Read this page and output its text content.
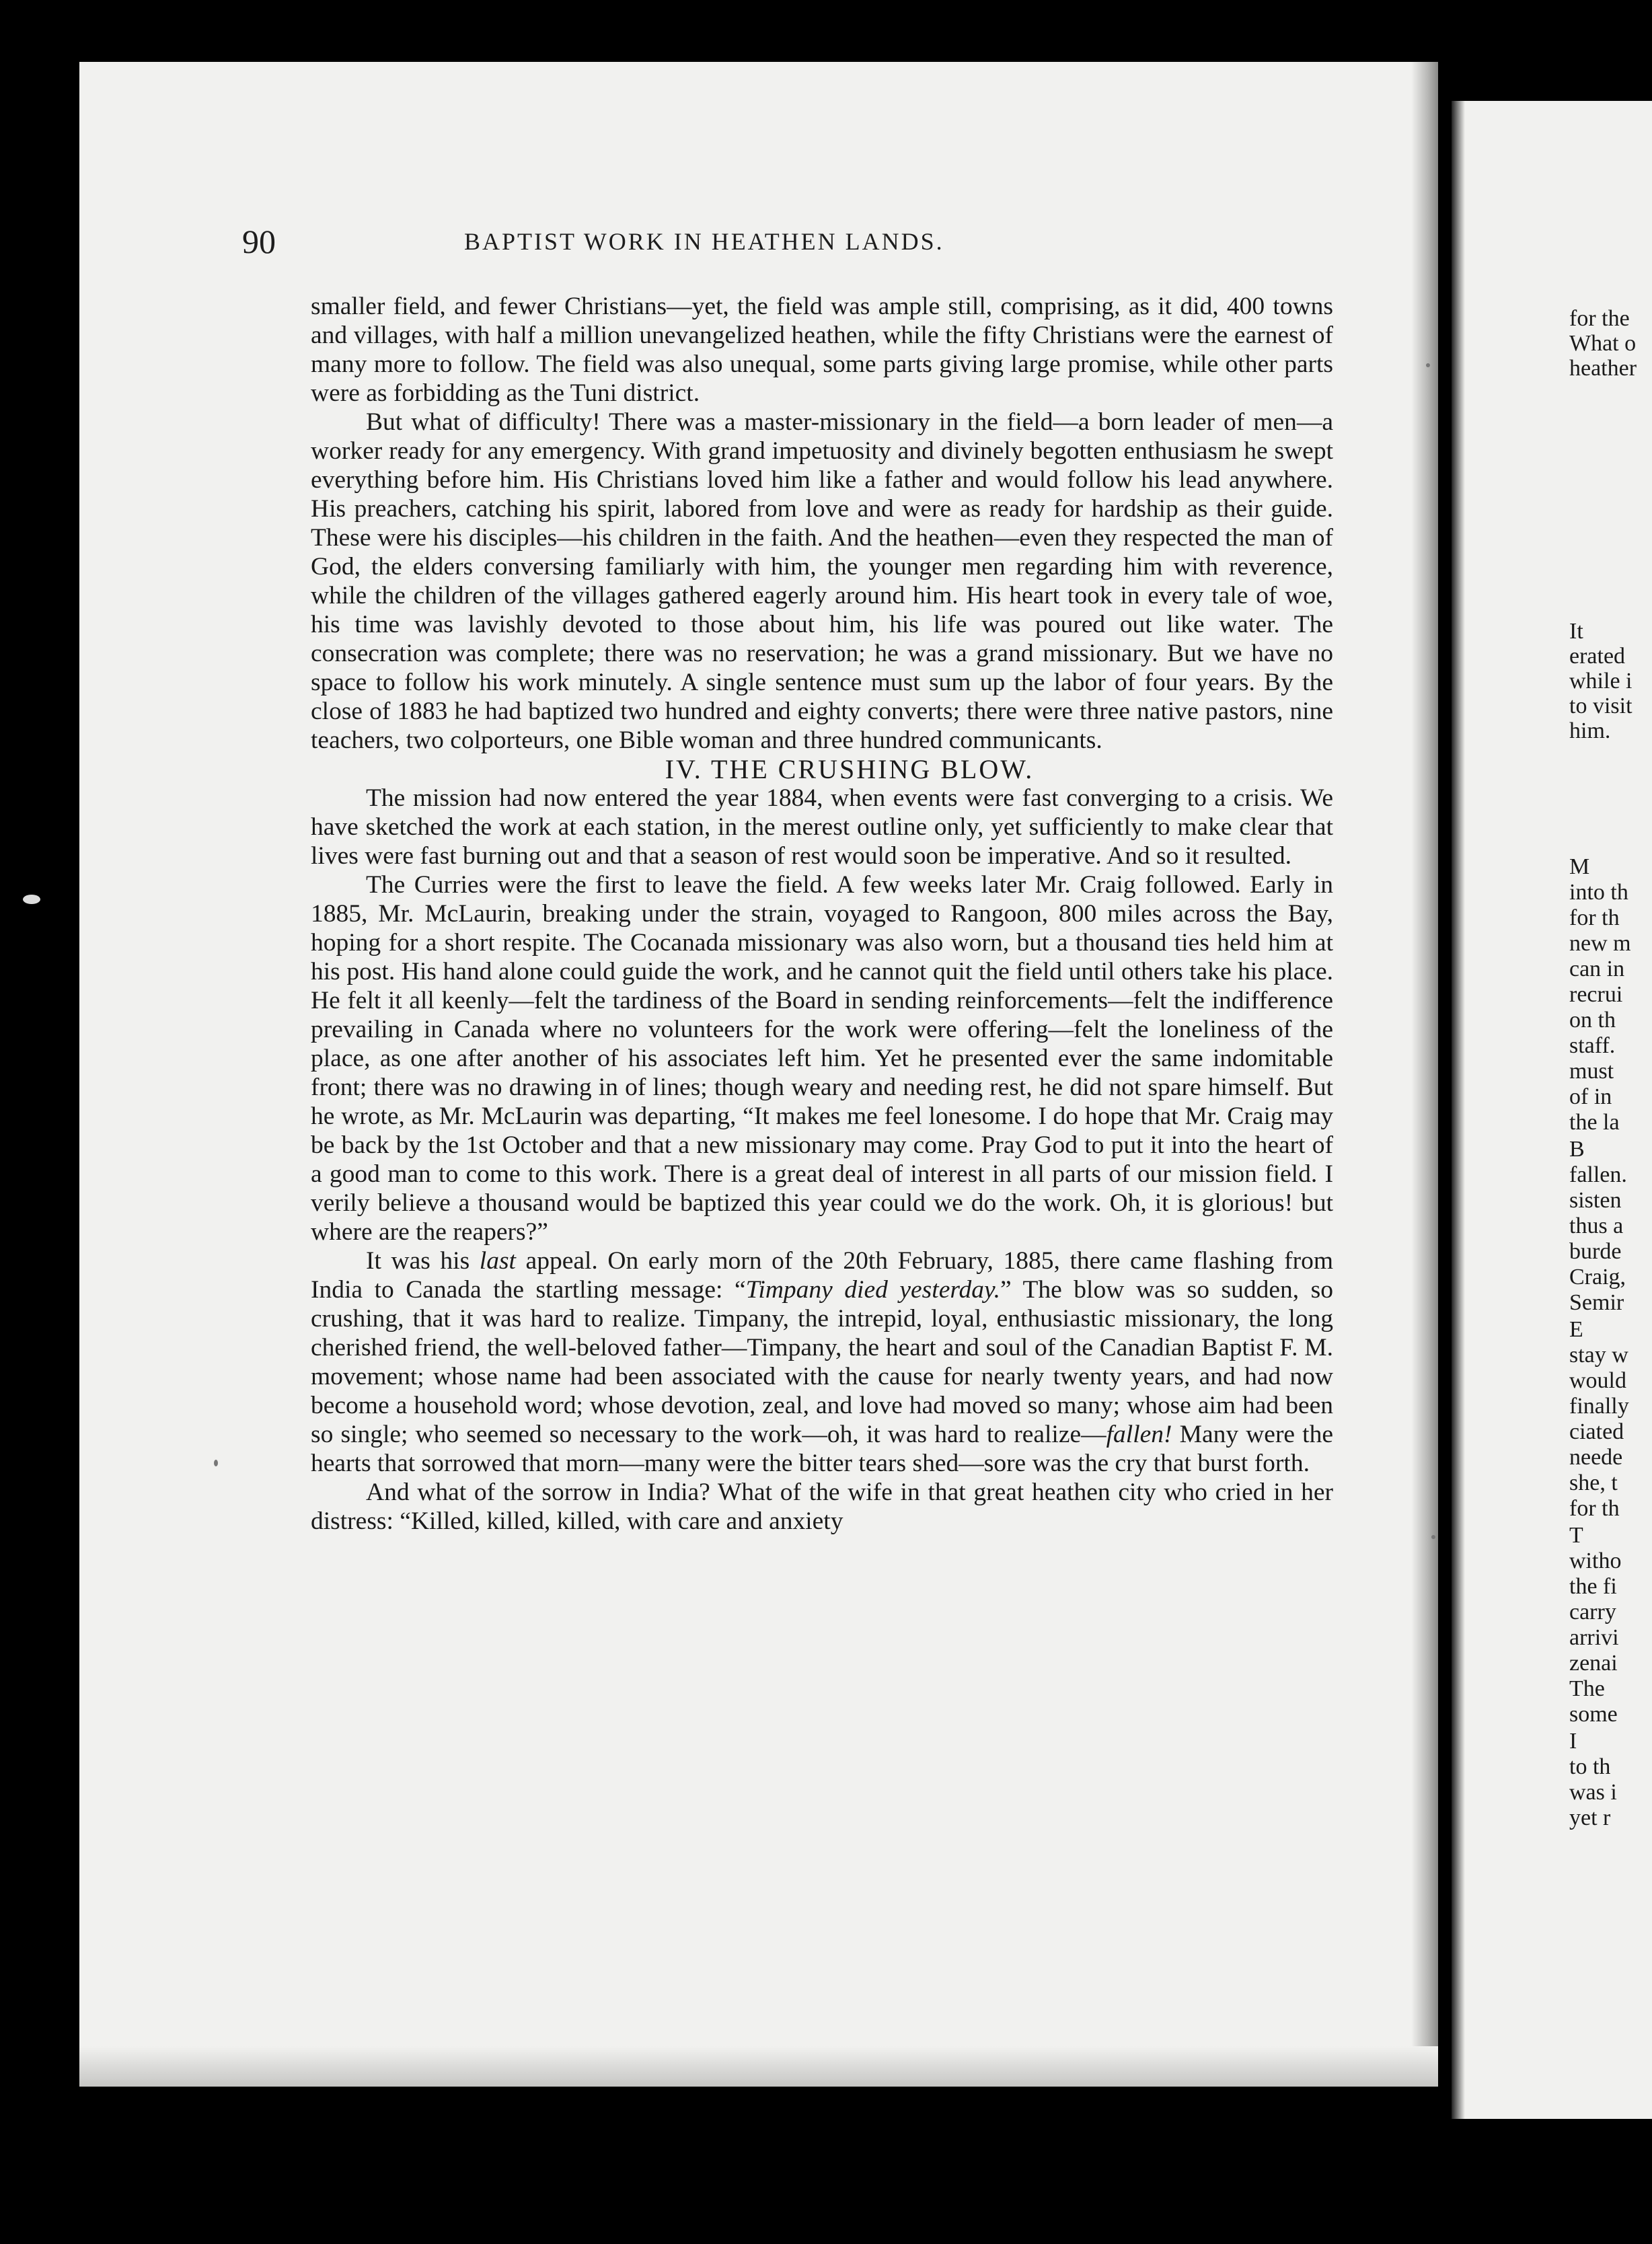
for the
What o
heather
It
erated
while i
to visit
him.
M
into th
for th
new m
can in
recrui
on th
staff.
must
of in
the la
B
fallen.
sisten
thus a
burde
Craig,
Semir
E
stay w
would
finally
ciated
neede
she, t
for th
T
witho
the fi
carry
arrivi
zenai
The
some
I
to th
was i
yet r
90	BAPTIST WORK IN HEATHEN LANDS.

smaller field, and fewer Christians—yet, the field was ample still, comprising, as it did, 400 towns and villages, with half a million unevangelized heathen, while the fifty Christians were the earnest of many more to follow. The field was also unequal, some parts giving large promise, while other parts were as forbidding as the Tuni district.

But what of difficulty! There was a master-missionary in the field—a born leader of men—a worker ready for any emergency. With grand impetuosity and divinely begotten enthusiasm he swept everything before him. His Christians loved him like a father and would follow his lead anywhere. His preachers, catching his spirit, labored from love and were as ready for hardship as their guide. These were his disciples—his children in the faith. And the heathen—even they respected the man of God, the elders conversing familiarly with him, the younger men regarding him with reverence, while the children of the villages gathered eagerly around him. His heart took in every tale of woe, his time was lavishly devoted to those about him, his life was poured out like water. The consecration was complete; there was no reservation; he was a grand missionary. But we have no space to follow his work minutely. A single sentence must sum up the labor of four years. By the close of 1883 he had baptized two hundred and eighty converts; there were three native pastors, nine teachers, two colporteurs, one Bible woman and three hundred communicants.

IV. THE CRUSHING BLOW.

The mission had now entered the year 1884, when events were fast converging to a crisis. We have sketched the work at each station, in the merest outline only, yet sufficiently to make clear that lives were fast burning out and that a season of rest would soon be imperative. And so it resulted.

The Curries were the first to leave the field. A few weeks later Mr. Craig followed. Early in 1885, Mr. McLaurin, breaking under the strain, voyaged to Rangoon, 800 miles across the Bay, hoping for a short respite. The Cocanada missionary was also worn, but a thousand ties held him at his post. His hand alone could guide the work, and he cannot quit the field until others take his place. He felt it all keenly—felt the tardiness of the Board in sending reinforcements—felt the indifference prevailing in Canada where no volunteers for the work were offering—felt the loneliness of the place, as one after another of his associates left him. Yet he presented ever the same indomitable front; there was no drawing in of lines; though weary and needing rest, he did not spare himself. But he wrote, as Mr. McLaurin was departing, “It makes me feel lonesome. I do hope that Mr. Craig may be back by the 1st October and that a new missionary may come. Pray God to put it into the heart of a good man to come to this work. There is a great deal of interest in all parts of our mission field. I verily believe a thousand would be baptized this year could we do the work. Oh, it is glorious! but where are the reapers?”

It was his last appeal. On early morn of the 20th February, 1885, there came flashing from India to Canada the startling message: “Timpany died yesterday.” The blow was so sudden, so crushing, that it was hard to realize. Timpany, the intrepid, loyal, enthusiastic missionary, the long cherished friend, the well-beloved father—Timpany, the heart and soul of the Canadian Baptist F. M. movement; whose name had been associated with the cause for nearly twenty years, and had now become a household word; whose devotion, zeal, and love had moved so many; whose aim had been so single; who seemed so necessary to the work—oh, it was hard to realize—fallen! Many were the hearts that sorrowed that morn—many were the bitter tears shed—sore was the cry that burst forth.

And what of the sorrow in India? What of the wife in that great heathen city who cried in her distress: “Killed, killed, killed, with care and anxiety
